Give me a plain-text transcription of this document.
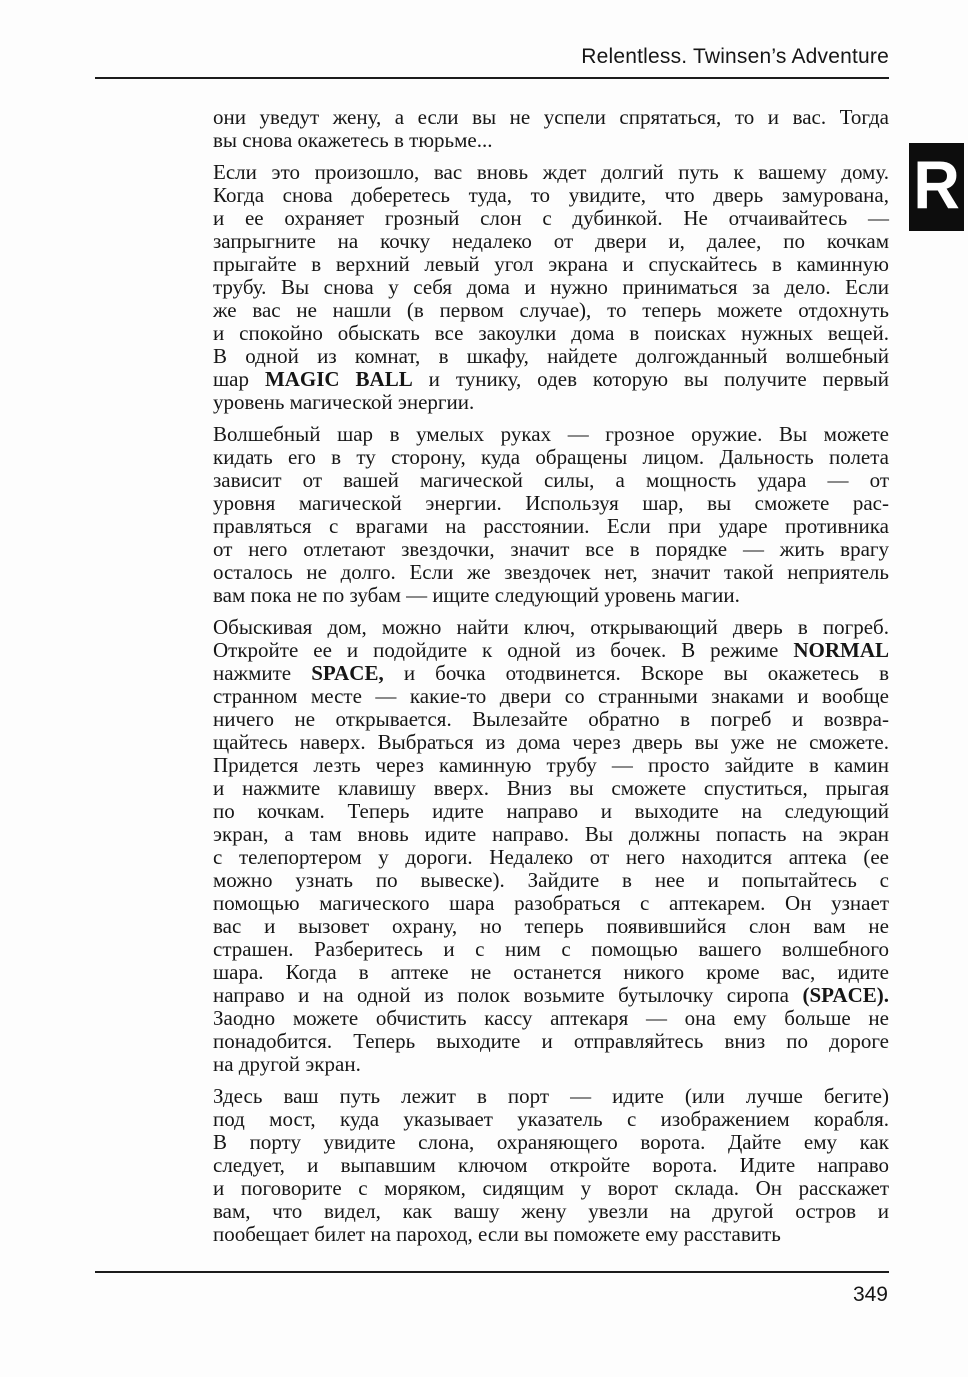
Relentless. Twinsen’s Adventure
R
они уведут жену, а если вы не успели спрятаться, то и вас. Тогда
вы снова окажетесь в тюрьме...
Если это произошло, вас вновь ждет долгий путь к вашему дому.
Когда снова доберетесь туда, то увидите, что дверь замурована,
и ее охраняет грозный слон с дубинкой. Не отчаивайтесь —
запрыгните на кочку недалеко от двери и, далее, по кочкам
прыгайте в верхний левый угол экрана и спускайтесь в каминную
трубу. Вы снова у себя дома и нужно приниматься за дело. Если
же вас не нашли (в первом случае), то теперь можете отдохнуть
и спокойно обыскать все закоулки дома в поисках нужных вещей.
В одной из комнат, в шкафу, найдете долгожданный волшебный
шар MAGIC BALL и тунику, одев которую вы получите первый
уровень магической энергии.
Волшебный шар в умелых руках — грозное оружие. Вы можете
кидать его в ту сторону, куда обращены лицом. Дальность полета
зависит от вашей магической силы, а мощность удара — от
уровня магической энергии. Используя шар, вы сможете рас-
правляться с врагами на расстоянии. Если при ударе противника
от него отлетают звездочки, значит все в порядке — жить врагу
осталось не долго. Если же звездочек нет, значит такой неприятель
вам пока не по зубам — ищите следующий уровень магии.
Обыскивая дом, можно найти ключ, открывающий дверь в погреб.
Откройте ее и подойдите к одной из бочек. В режиме NORMAL
нажмите SPACE, и бочка отодвинется. Вскоре вы окажетесь в
странном месте — какие-то двери со странными знаками и вообще
ничего не открывается. Вылезайте обратно в погреб и возвра-
щайтесь наверх. Выбраться из дома через дверь вы уже не сможете.
Придется лезть через каминную трубу — просто зайдите в камин
и нажмите клавишу вверх. Вниз вы сможете спуститься, прыгая
по кочкам. Теперь идите направо и выходите на следующий
экран, а там вновь идите направо. Вы должны попасть на экран
с телепортером у дороги. Недалеко от него находится аптека (ее
можно узнать по вывеске). Зайдите в нее и попытайтесь с
помощью магического шара разобраться с аптекарем. Он узнает
вас и вызовет охрану, но теперь появившийся слон вам не
страшен. Разберитесь и с ним с помощью вашего волшебного
шара. Когда в аптеке не останется никого кроме вас, идите
направо и на одной из полок возьмите бутылочку сиропа (SPACE).
Заодно можете обчистить кассу аптекаря — она ему больше не
понадобится. Теперь выходите и отправляйтесь вниз по дороге
на другой экран.
Здесь ваш путь лежит в порт — идите (или лучше бегите)
под мост, куда указывает указатель с изображением корабля.
В порту увидите слона, охраняющего ворота. Дайте ему как
следует, и выпавшим ключом откройте ворота. Идите направо
и поговорите с моряком, сидящим у ворот склада. Он расскажет
вам, что видел, как вашу жену увезли на другой остров и
пообещает билет на пароход, если вы поможете ему расставить
349
